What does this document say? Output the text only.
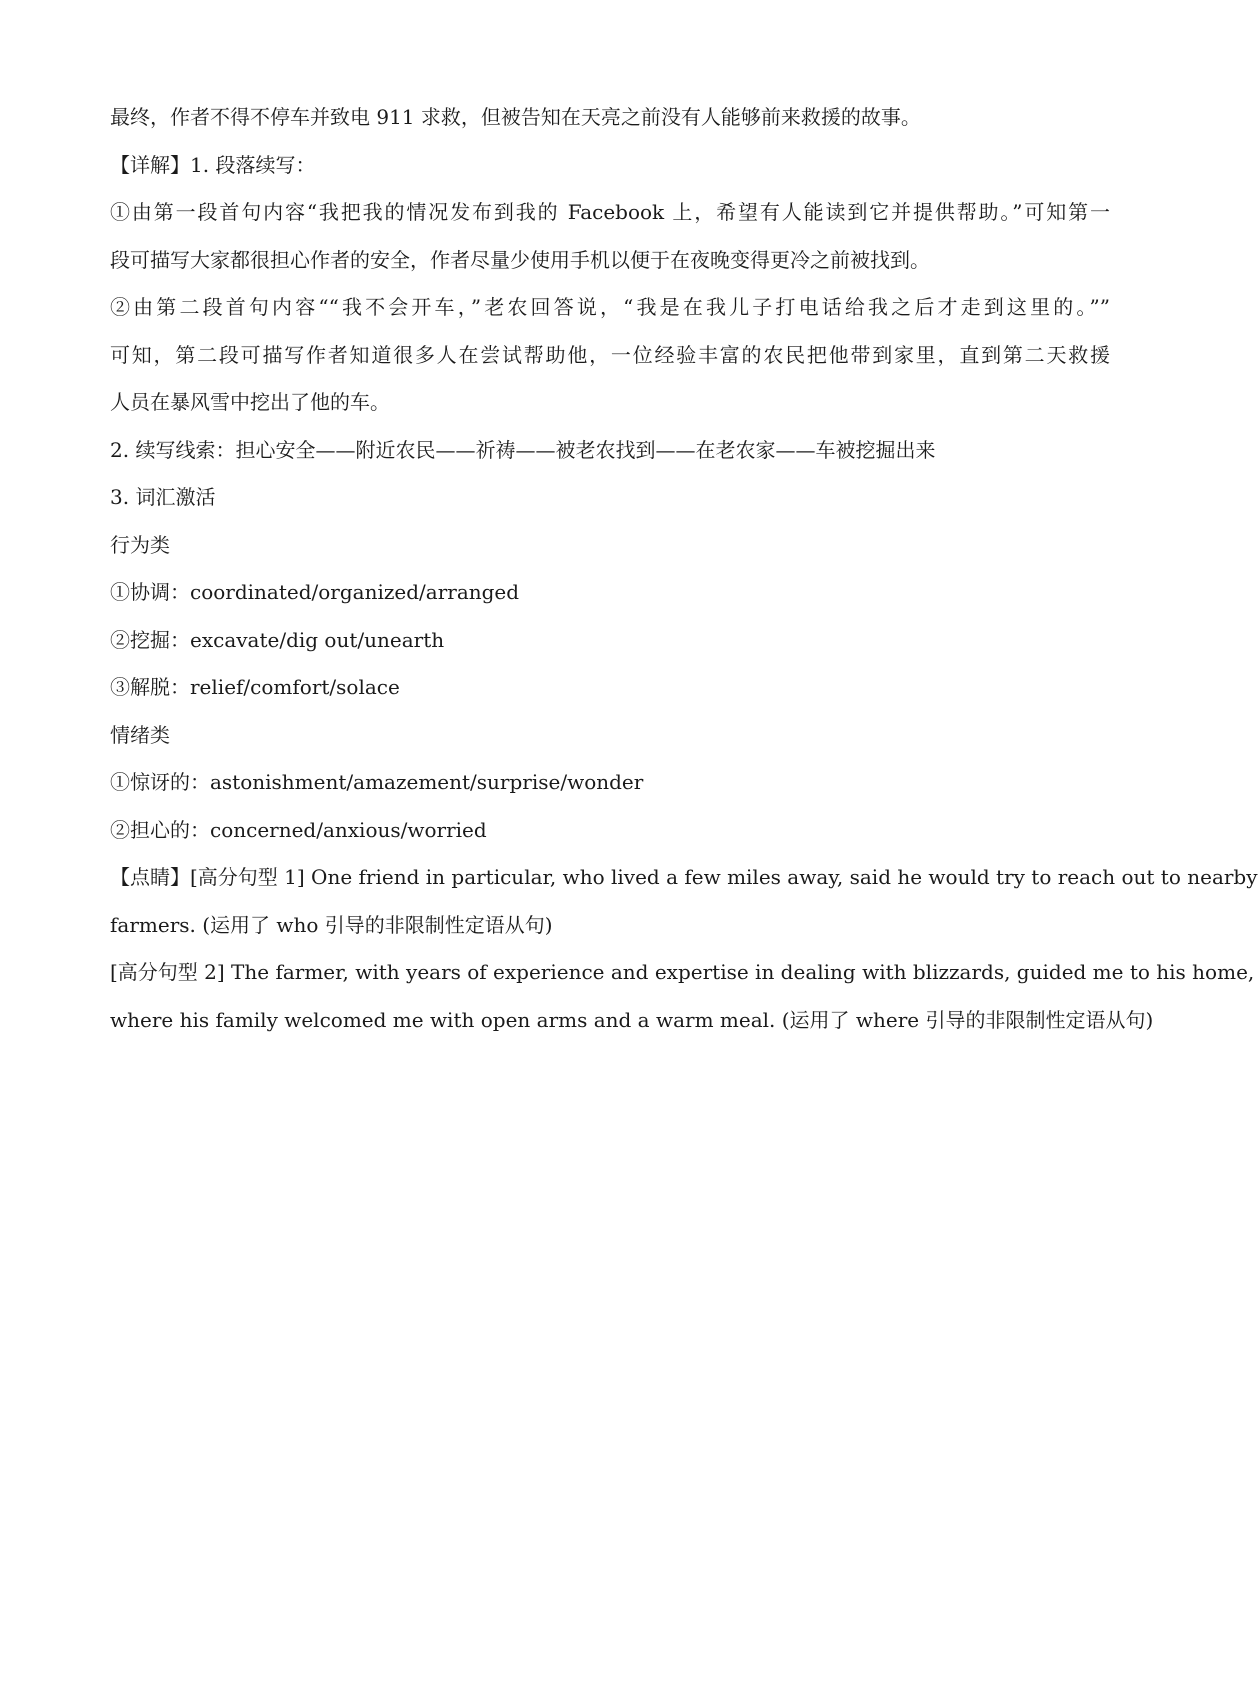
最终，作者不得不停车并致电 911 求救，但被告知在天亮之前没有人能够前来救援的故事。
【详解】1. 段落续写：
①由第一段首句内容“我把我的情况发布到我的 Facebook 上，希望有人能读到它并提供帮助。”可知第一
段可描写大家都很担心作者的安全，作者尽量少使用手机以便于在夜晚变得更冷之前被找到。
②由第二段首句内容““我不会开车，”老农回答说，“我是在我儿子打电话给我之后才走到这里的。””
可知，第二段可描写作者知道很多人在尝试帮助他，一位经验丰富的农民把他带到家里，直到第二天救援
人员在暴风雪中挖出了他的车。
2. 续写线索：担心安全——附近农民——祈祷——被老农找到——在老农家——车被挖掘出来
3. 词汇激活
行为类
①协调：coordinated/organized/arranged
②挖掘：excavate/dig out/unearth
③解脱：relief/comfort/solace
情绪类
①惊讶的：astonishment/amazement/surprise/wonder
②担心的：concerned/anxious/worried
【点睛】[高分句型 1] One friend in particular, who lived a few miles away, said he would try to reach out to nearby
farmers. (运用了 who 引导的非限制性定语从句)
[高分句型 2] The farmer, with years of experience and expertise in dealing with blizzards, guided me to his home,
where his family welcomed me with open arms and a warm meal. (运用了 where 引导的非限制性定语从句)
